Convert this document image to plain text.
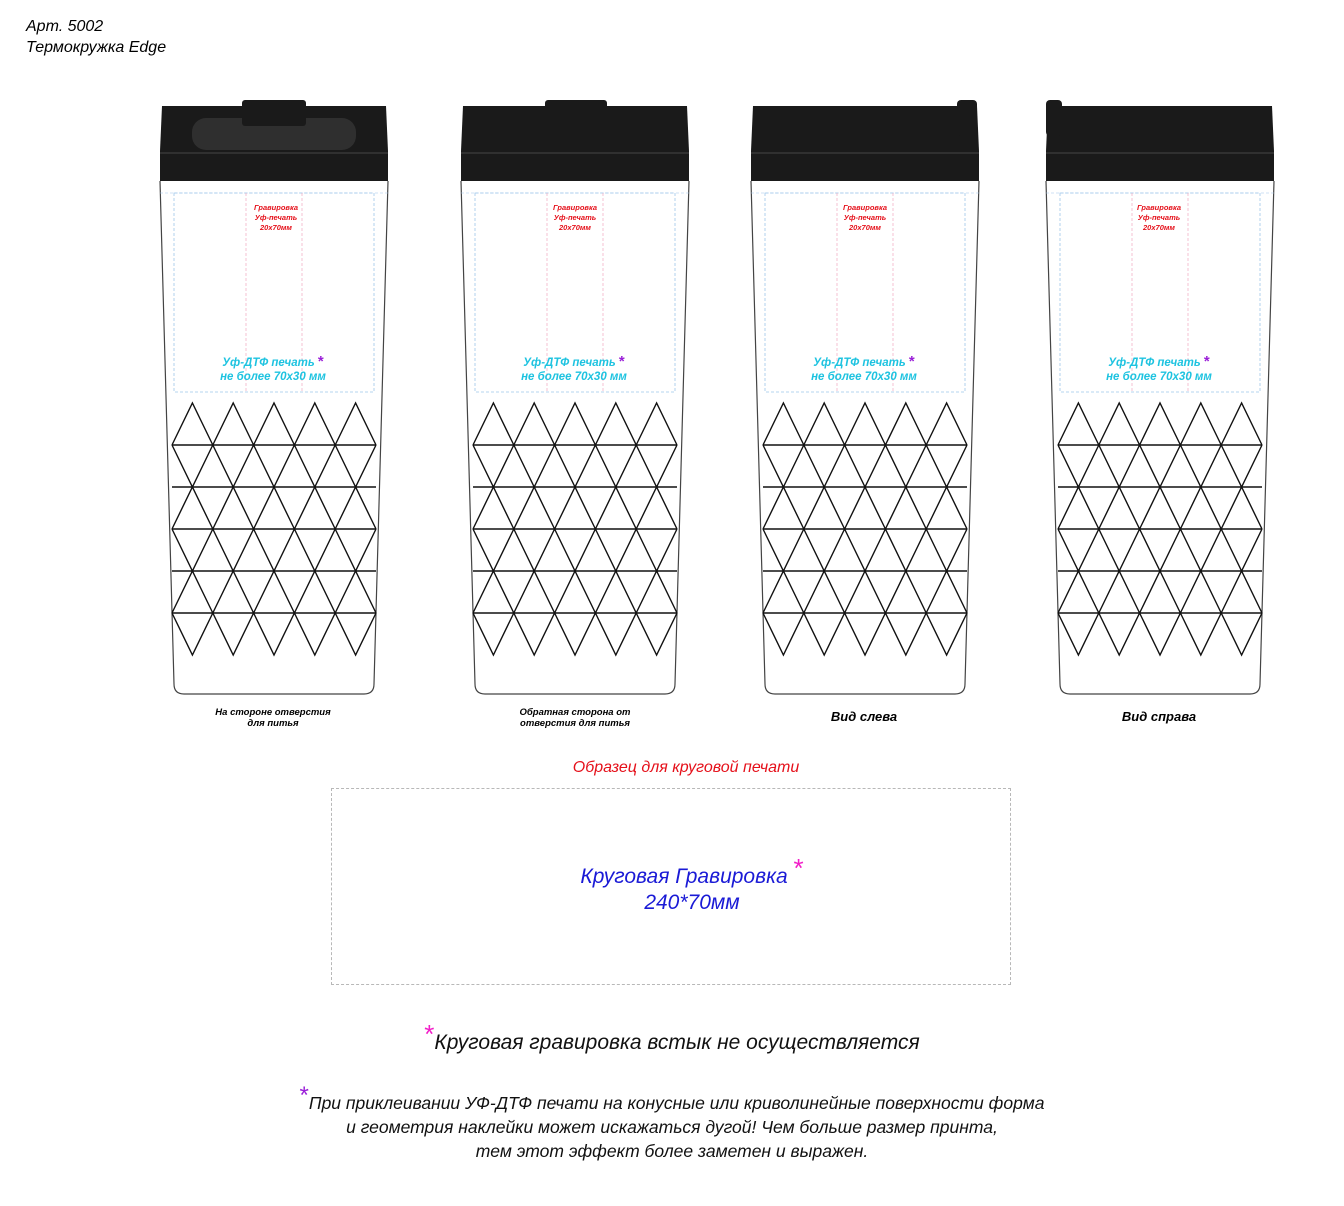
Арт. 5002
Термокружка Edge
Гравировка
Уф-печать
20x70мм
Гравировка
Уф-печать
20x70мм
Гравировка
Уф-печать
20x70мм
Гравировка
Уф-печать
20x70мм
Уф-ДТФ печать *
не более 70x30 мм
Уф-ДТФ печать *
не более 70x30 мм
Уф-ДТФ печать *
не более 70x30 мм
Уф-ДТФ печать *
не более 70x30 мм
На стороне отверстия
для питья
Обратная сторона от
отверстия для питья	Вид слева	Вид справа
Образец для круговой печати
Круговая Гравировка *
240*70мм
*Круговая гравировка встык не осуществляется
*При приклеивании УФ-ДТФ печати на конусные или криволинейные поверхности форма
и геометрия наклейки может искажаться дугой! Чем больше размер принта,
тем этот эффект более заметен и выражен.
